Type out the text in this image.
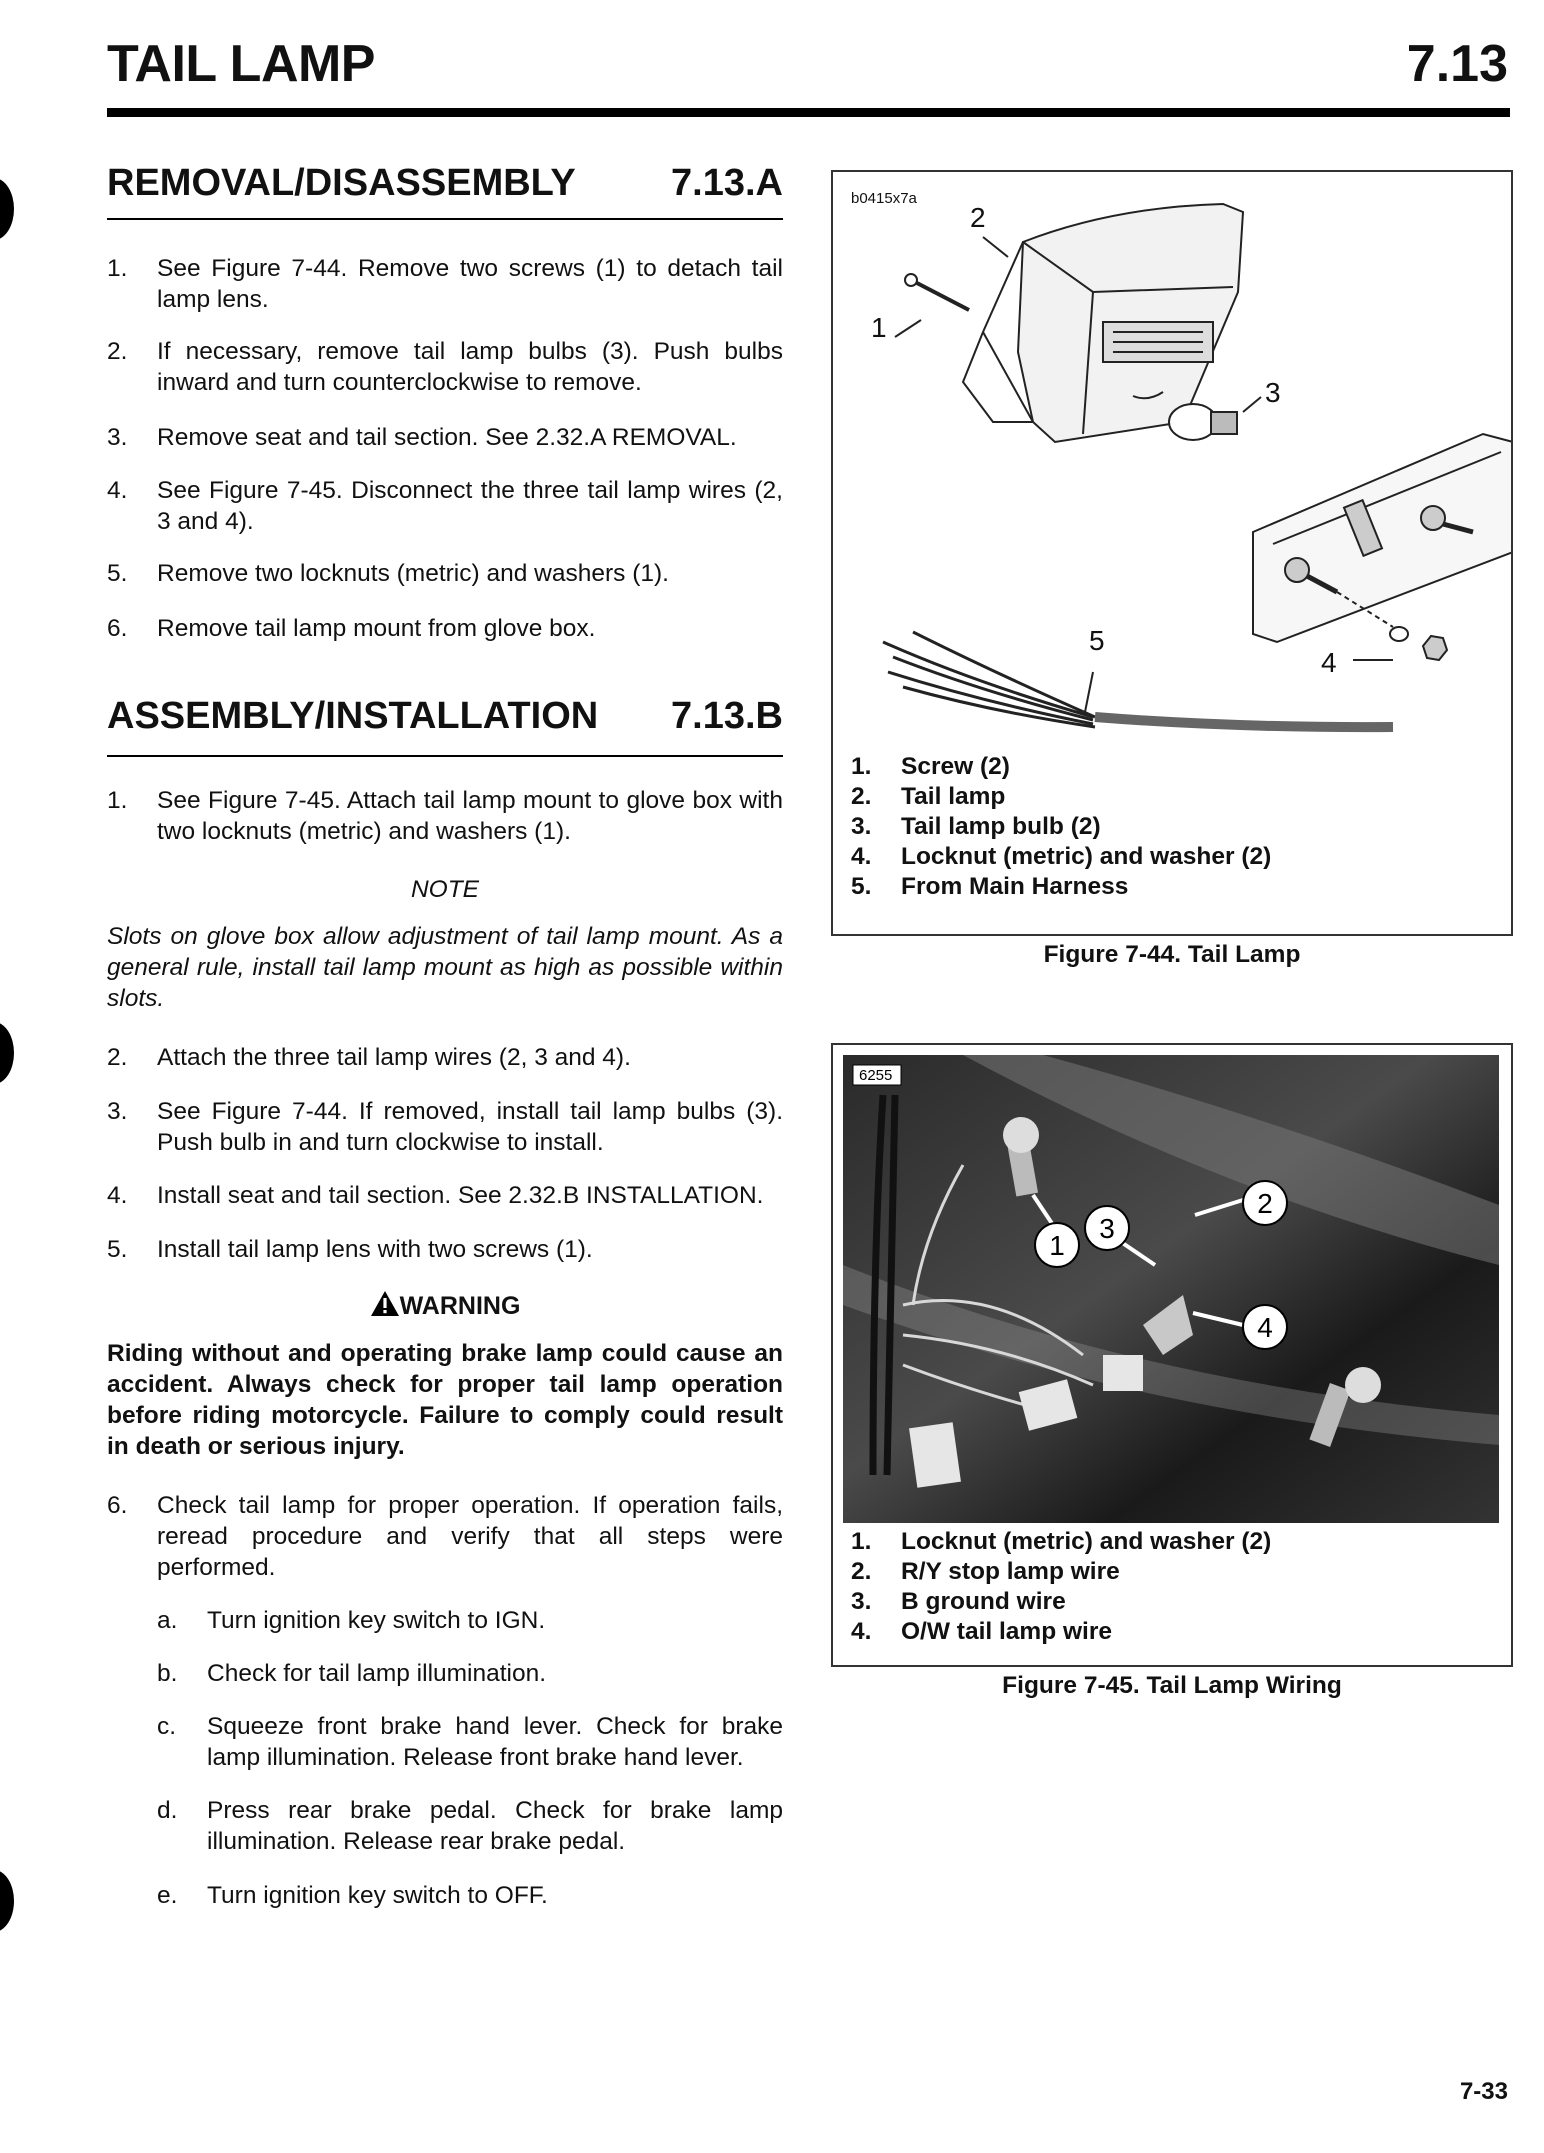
TAIL LAMP	7.13
REMOVAL/DISASSEMBLY	7.13.A
1.	See Figure 7-44. Remove two screws (1) to detach tail lamp lens.
2.	If necessary, remove tail lamp bulbs (3). Push bulbs inward and turn counterclockwise to remove.
3.	Remove seat and tail section. See 2.32.A REMOVAL.
4.	See Figure 7-45. Disconnect the three tail lamp wires (2, 3 and 4).
5.	Remove two locknuts (metric) and washers (1).
6.	Remove tail lamp mount from glove box.
ASSEMBLY/INSTALLATION 7.13.B
1.	See Figure 7-45. Attach tail lamp mount to glove box with two locknuts (metric) and washers (1).
NOTE
Slots on glove box allow adjustment of tail lamp mount. As a general rule, install tail lamp mount as high as possible within slots.
2.	Attach the three tail lamp wires (2, 3 and 4).
3.	See Figure 7-44. If removed, install tail lamp bulbs (3). Push bulb in and turn clockwise to install.
4.	Install seat and tail section. See 2.32.B INSTALLATION.
5.	Install tail lamp lens with two screws (1).
WARNING
Riding without and operating brake lamp could cause an accident. Always check for proper tail lamp operation before riding motorcycle. Failure to comply could result in death or serious injury.
6.	Check tail lamp for proper operation. If operation fails, reread procedure and verify that all steps were performed.
a.	Turn ignition key switch to IGN.
b.	Check for tail lamp illumination.
c.	Squeeze front brake hand lever. Check for brake lamp illumination. Release front brake hand lever.
d.	Press rear brake pedal. Check for brake lamp illumination. Release rear brake pedal.
e.	Turn ignition key switch to OFF.
b0415x7a
2
1
3
5
4
1.	Screw (2)
2.	Tail lamp
3.	Tail lamp bulb (2)
4.	Locknut (metric) and washer (2)
5.	From Main Harness
Figure 7-44. Tail Lamp
6255
1
3
2
4
1.	Locknut (metric) and washer (2)
2.	R/Y stop lamp wire
3.	B ground wire
4.	O/W tail lamp wire
Figure 7-45. Tail Lamp Wiring
7-33
